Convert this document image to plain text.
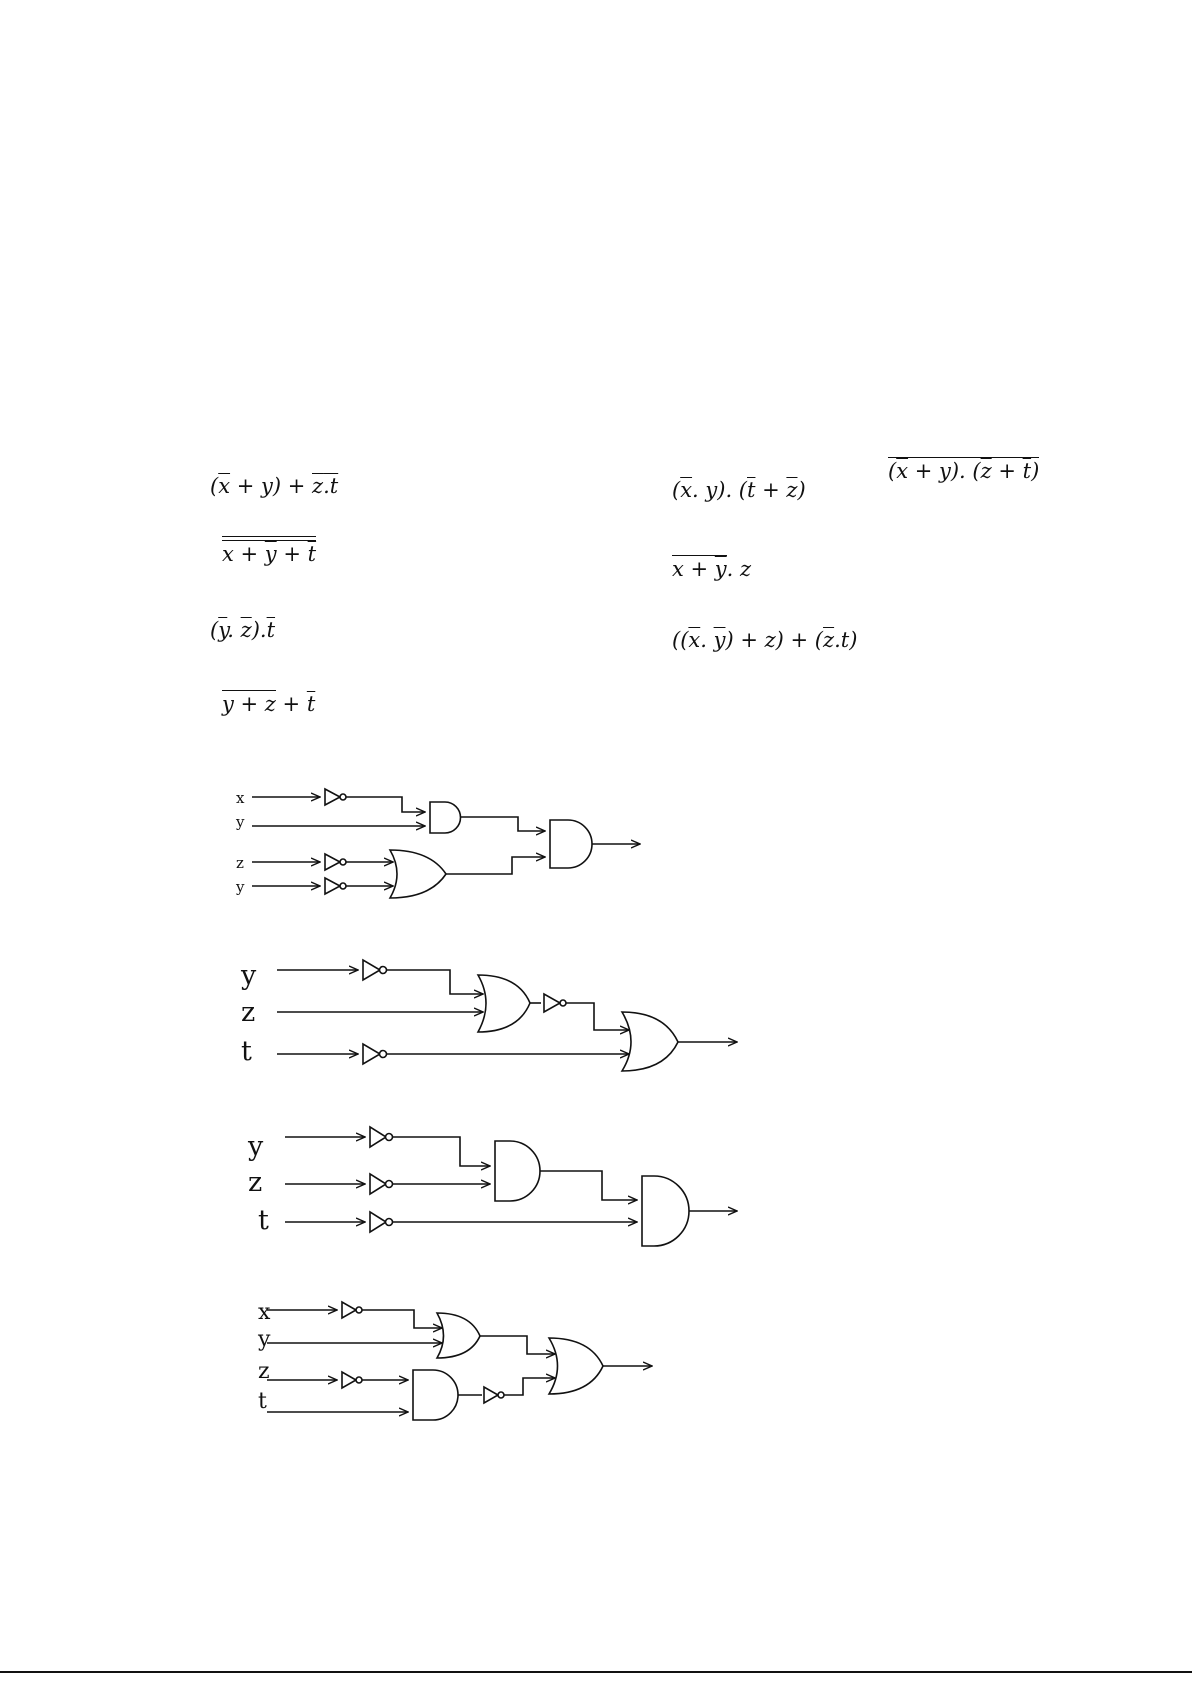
$(\overline{x} + y) + z.t$
$x + \overline{y} + \overline{t}$
($\overline{y}$. $\overline{z}).\overline{t}$
$y + z + \overline{t}$
($\overline{x}$. y). $(\overline{t} + \overline{z})$
$(\overline{x} + y)$. $(\overline{z} + \overline{t})$
$x + \overline{y}$. z
(($\overline{x}$. $\overline{y}) + z) + (\overline{z}.t)$
x
y
z
y
y
z
t
y
z
t
x
y
z
t
